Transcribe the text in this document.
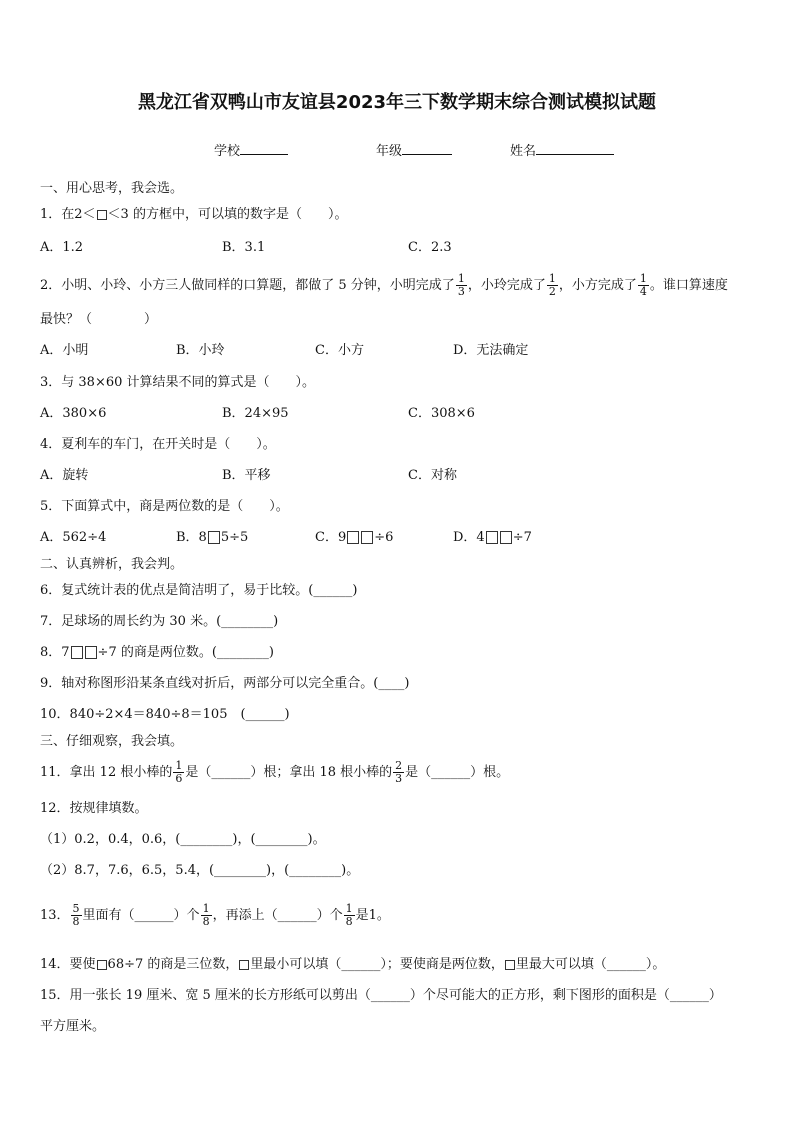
黑龙江省双鸭山市友谊县2023年三下数学期末综合测试模拟试题
学校	年级	姓名
一、用心思考，我会选。
1．在2＜ ＜3 的方框中，可以填的数字是（　　）。
A．1.2	B．3.1	C．2.3
2．小明、小玲、小方三人做同样的口算题，都做了 5 分钟，小明完成了 $\frac{1}{3}$ ，小玲完成了 $\frac{1}{2}$ ，小方完成了 $\frac{1}{4}$ 。谁口算速度
最快？（　　　　）
A．小明	B．小玲	C．小方	D．无法确定
3．与 38×60 计算结果不同的算式是（　　）。
A．380×6	B．24×95	C．308×6
4．夏利车的车门，在开关时是（　　）。
A．旋转	B．平移	C．对称
5．下面算式中，商是两位数的是（　　）。
A．562÷4	B．8 5÷5	C．9 ÷6	D．4 ÷7
二、认真辨析，我会判。
6．复式统计表的优点是简洁明了，易于比较。(______)
7．足球场的周长约为 30 米。(________)
8．7 ÷7 的商是两位数。(________)
9．轴对称图形沿某条直线对折后，两部分可以完全重合。(____)
10．840÷2×4＝840÷8＝105　(______)
三、仔细观察，我会填。
11．拿出 12 根小棒的 $\frac{1}{6}$ 是（______）根；拿出 18 根小棒的 $\frac{2}{3}$ 是（______）根。
12．按规律填数。
（1）0.2，0.4，0.6，(________)，(________)。
（2）8.7，7.6，6.5，5.4，(________)，(________)。
13． $\frac{5}{8}$ 里面有（______）个 $\frac{1}{8}$ ，再添上（______）个 $\frac{1}{8}$ 是1。
14．要使 68÷7 的商是三位数， 里最小可以填（______）；要使商是两位数， 里最大可以填（______）。
15．用一张长 19 厘米、宽 5 厘米的长方形纸可以剪出（______）个尽可能大的正方形，剩下图形的面积是（______）
平方厘米。
